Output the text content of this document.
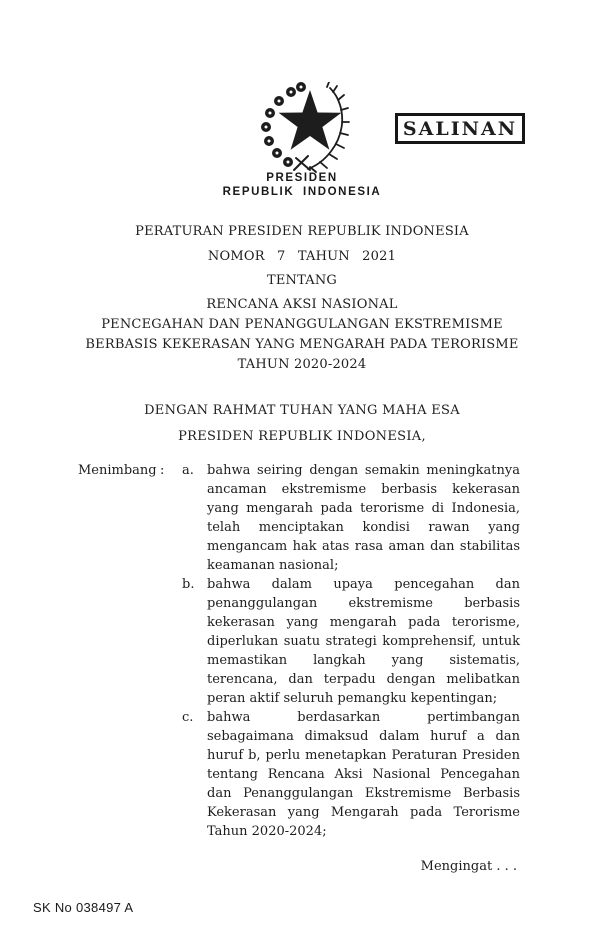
SALINAN
PRESIDEN
REPUBLIK INDONESIA
PERATURAN PRESIDEN REPUBLIK INDONESIA
NOMOR 7 TAHUN 2021
TENTANG
RENCANA AKSI NASIONAL
PENCEGAHAN DAN PENANGGULANGAN EKSTREMISME
BERBASIS KEKERASAN YANG MENGARAH PADA TERORISME
TAHUN 2020-2024
DENGAN RAHMAT TUHAN YANG MAHA ESA
PRESIDEN REPUBLIK INDONESIA,
Menimbang :	a.	bahwa seiring dengan semakin meningkatnya ancaman ekstremisme berbasis kekerasan yang mengarah pada terorisme di Indonesia, telah menciptakan kondisi rawan yang mengancam hak atas rasa aman dan stabilitas keamanan nasional;
b. bahwa dalam upaya pencegahan dan penanggulangan ekstremisme berbasis kekerasan yang mengarah pada terorisme, diperlukan suatu strategi komprehensif, untuk memastikan langkah yang sistematis, terencana, dan terpadu dengan melibatkan peran aktif seluruh pemangku kepentingan;
c.	bahwa berdasarkan pertimbangan sebagaimana dimaksud dalam huruf a dan huruf b, perlu menetapkan Peraturan Presiden tentang Rencana Aksi Nasional Pencegahan dan Penanggulangan Ekstremisme Berbasis Kekerasan yang Mengarah pada Terorisme Tahun 2020-2024;
Mengingat . . .
SK No 038497 A
